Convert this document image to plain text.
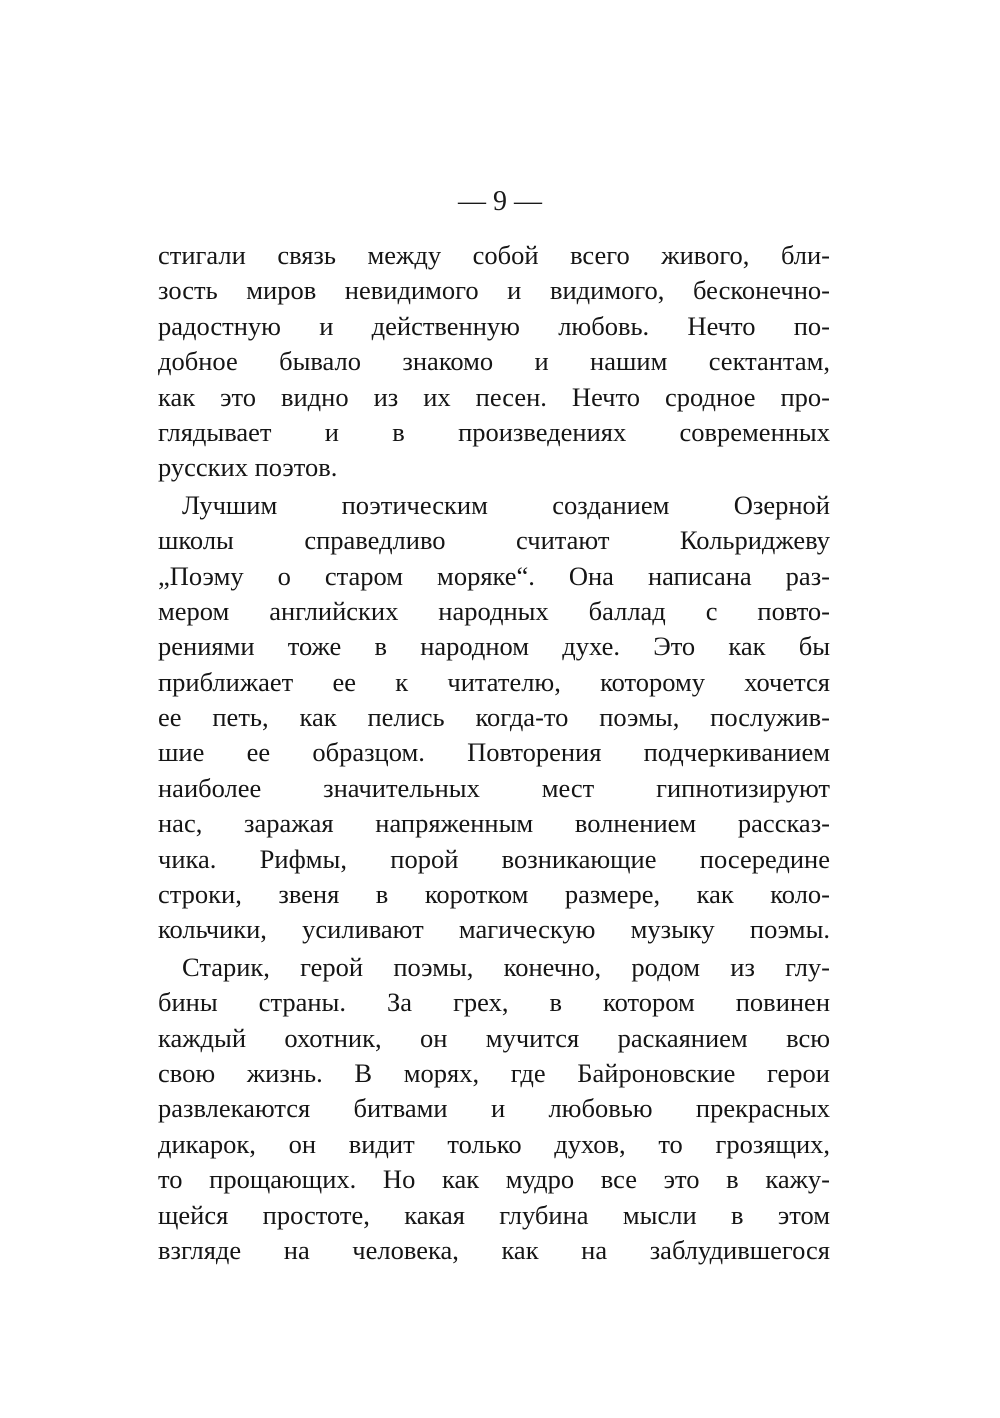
— 9 —
стигали связь между собой всего живого, бли-
зость миров невидимого и видимого, бесконечно-
радостную и действенную любовь. Нечто по-
добное бывало знакомо и нашим сектантам,
как это видно из их песен. Нечто сродное про-
глядывает и в произведениях современных
русских поэтов.
Лучшим поэтическим созданием Озерной
школы справедливо считают Кольриджеву
„Поэму о старом моряке“. Она написана раз-
мером английских народных баллад с повто-
рениями тоже в народном духе. Это как бы
приближает ее к читателю, которому хочется
ее петь, как пелись когда-то поэмы, послужив-
шие ее образцом. Повторения подчеркиванием
наиболее значительных мест гипнотизируют
нас, заражая напряженным волнением рассказ-
чика. Рифмы, порой возникающие посередине
строки, звеня в коротком размере, как коло-
кольчики, усиливают магическую музыку поэмы.
Старик, герой поэмы, конечно, родом из глу-
бины страны. За грех, в котором повинен
каждый охотник, он мучится раскаянием всю
свою жизнь. В морях, где Байроновские герои
развлекаются битвами и любовью прекрасных
дикарок, он видит только духов, то грозящих,
то прощающих. Но как мудро все это в кажу-
щейся простоте, какая глубина мысли в этом
взгляде на человека, как на заблудившегося
